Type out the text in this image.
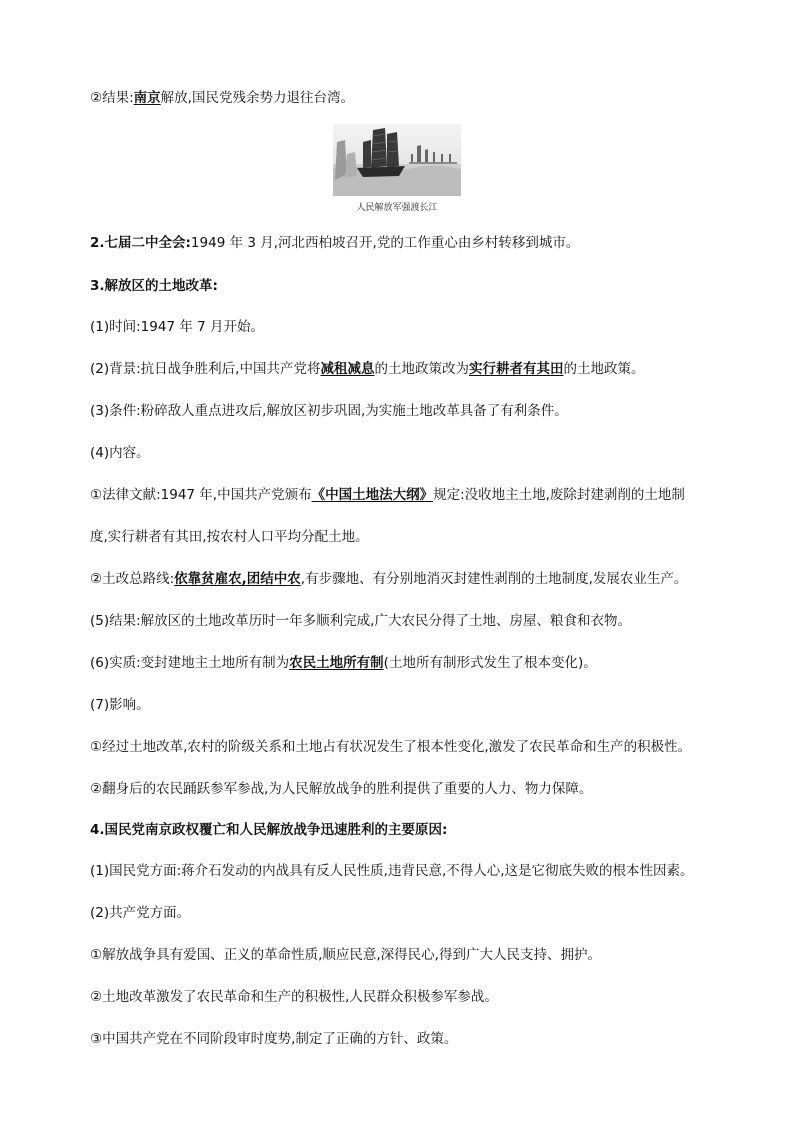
②结果:南京解放,国民党残余势力退往台湾。
人民解放军强渡长江
2.七届二中全会:1949 年 3 月,河北西柏坡召开,党的工作重心由乡村转移到城市。
3.解放区的土地改革:
(1)时间:1947 年 7 月开始。
(2)背景:抗日战争胜利后,中国共产党将减租减息的土地政策改为实行耕者有其田的土地政策。
(3)条件:粉碎敌人重点进攻后,解放区初步巩固,为实施土地改革具备了有利条件。
(4)内容。
①法律文献:1947 年,中国共产党颁布《中国土地法大纲》规定:没收地主土地,废除封建剥削的土地制
度,实行耕者有其田,按农村人口平均分配土地。
②土改总路线:依靠贫雇农,团结中农,有步骤地、有分别地消灭封建性剥削的土地制度,发展农业生产。
(5)结果:解放区的土地改革历时一年多顺利完成,广大农民分得了土地、房屋、粮食和衣物。
(6)实质:变封建地主土地所有制为农民土地所有制(土地所有制形式发生了根本变化)。
(7)影响。
①经过土地改革,农村的阶级关系和土地占有状况发生了根本性变化,激发了农民革命和生产的积极性。
②翻身后的农民踊跃参军参战,为人民解放战争的胜利提供了重要的人力、物力保障。
4.国民党南京政权覆亡和人民解放战争迅速胜利的主要原因:
(1)国民党方面:蒋介石发动的内战具有反人民性质,违背民意,不得人心,这是它彻底失败的根本性因素。
(2)共产党方面。
①解放战争具有爱国、正义的革命性质,顺应民意,深得民心,得到广大人民支持、拥护。
②土地改革激发了农民革命和生产的积极性,人民群众积极参军参战。
③中国共产党在不同阶段审时度势,制定了正确的方针、政策。
